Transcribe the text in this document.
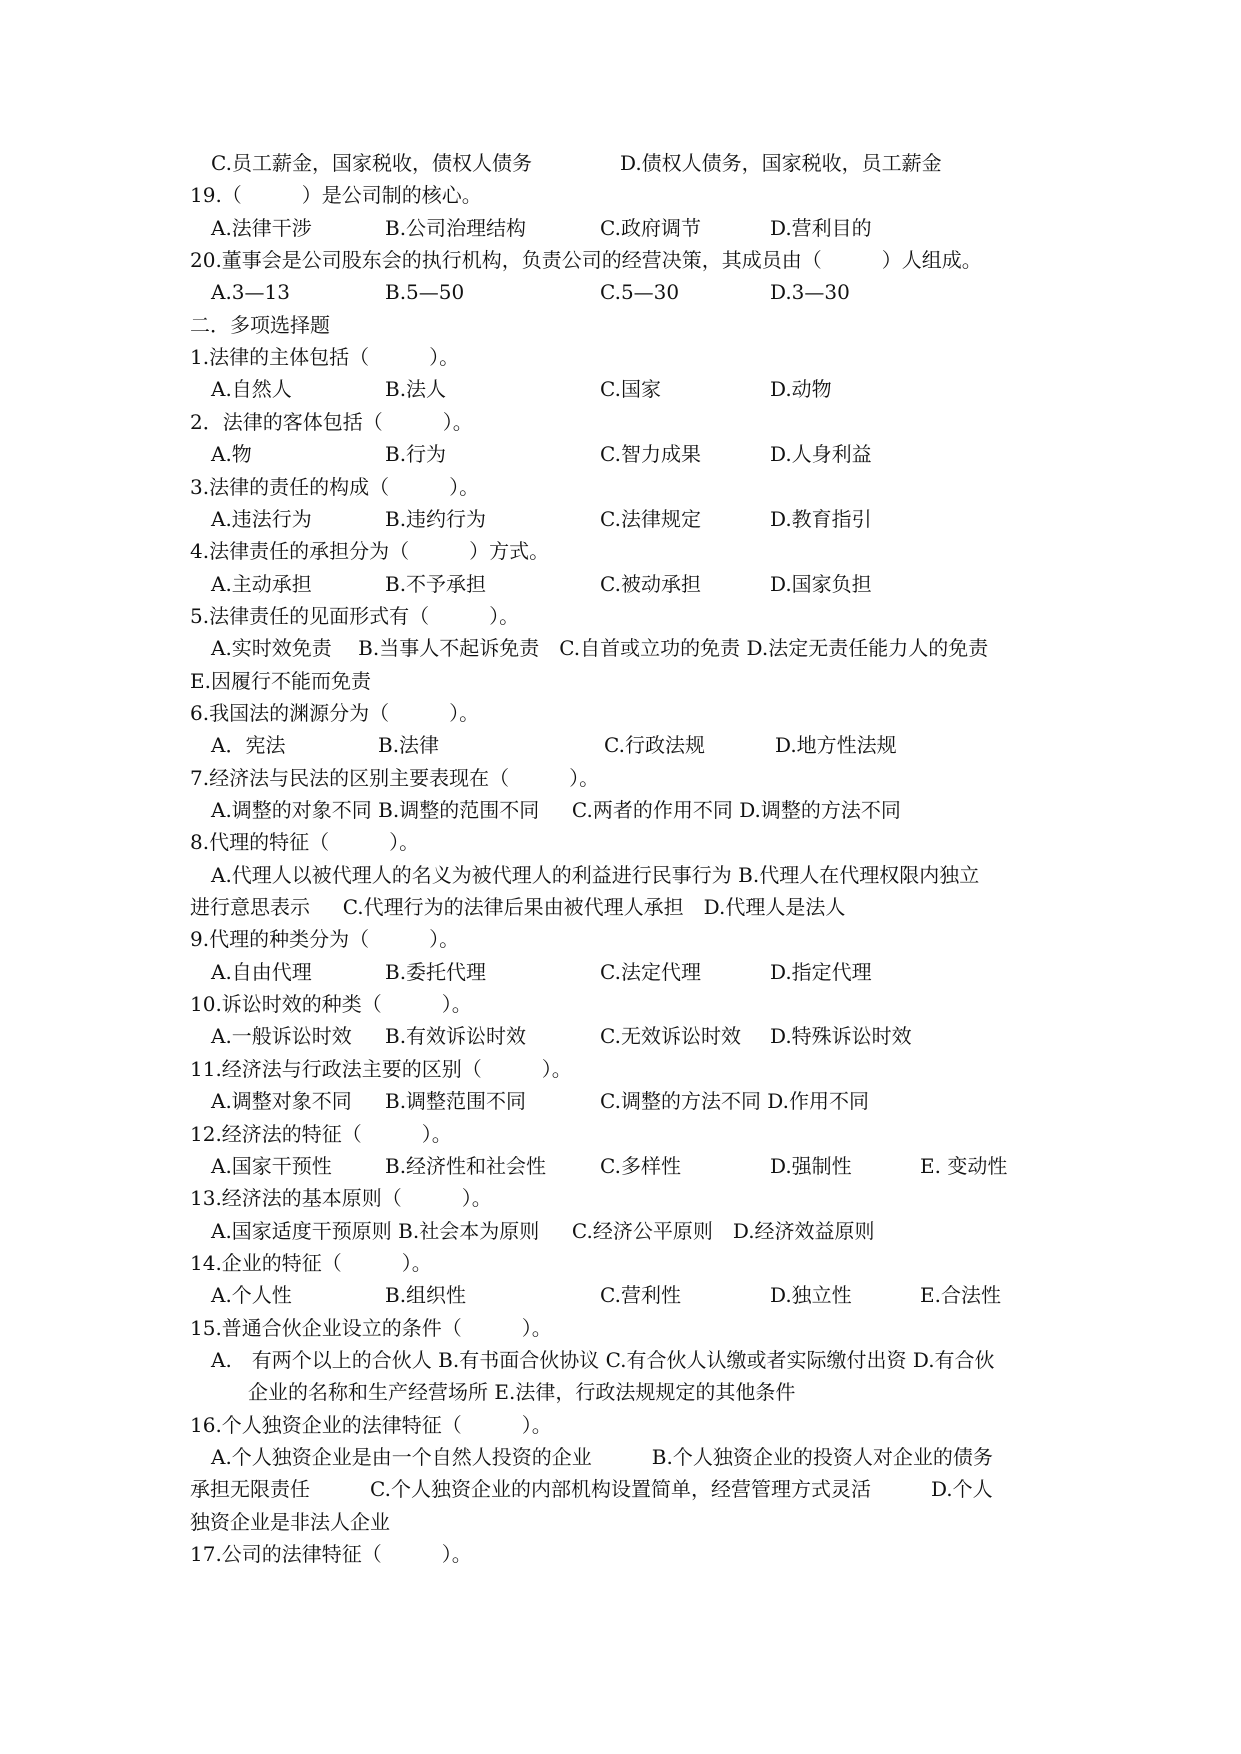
C.员工薪金，国家税收，债权人债务	D.债权人债务，国家税收，员工薪金
19.（　　　）是公司制的核心。
A.法律干涉	B.公司治理结构	C.政府调节	D.营利目的
20.董事会是公司股东会的执行机构，负责公司的经营决策，其成员由（　　　）人组成。
A.3—13	B.5—50	C.5—30	D.3—30
二．多项选择题
1.法律的主体包括（　　　）。
A.自然人	B.法人	C.国家	D.动物
2．法律的客体包括（　　　）。
A.物	B.行为	C.智力成果	D.人身利益
3.法律的责任的构成（　　　）。
A.违法行为	B.违约行为	C.法律规定	D.教育指引
4.法律责任的承担分为（　　　）方式。
A.主动承担	B.不予承担	C.被动承担	D.国家负担
5.法律责任的见面形式有（　　　）。
A.实时效免责　 B.当事人不起诉免责　C.自首或立功的免责 D.法定无责任能力人的免责
E.因履行不能而免责
6.我国法的渊源分为（　　　）。
A．宪法	B.法律	C.行政法规	D.地方性法规
7.经济法与民法的区别主要表现在（　　　）。
A.调整的对象不同 B.调整的范围不同　  C.两者的作用不同 D.调整的方法不同
8.代理的特征（　　　）。
A.代理人以被代理人的名义为被代理人的利益进行民事行为 B.代理人在代理权限内独立
进行意思表示　  C.代理行为的法律后果由被代理人承担　D.代理人是法人
9.代理的种类分为（　　　）。
A.自由代理	B.委托代理	C.法定代理	D.指定代理
10.诉讼时效的种类（　　　）。
A.一般诉讼时效 B.有效诉讼时效	C.无效诉讼时效 D.特殊诉讼时效
11.经济法与行政法主要的区别（　　　）。
A.调整对象不同 B.调整范围不同	C.调整的方法不同 D.作用不同
12.经济法的特征（　　　）。
A.国家干预性	B.经济性和社会性	C.多样性	D.强制性	E. 变动性
13.经济法的基本原则（　　　）。
A.国家适度干预原则 B.社会本为原则　  C.经济公平原则　D.经济效益原则
14.企业的特征（　　　）。
A.个人性	B.组织性	C.营利性	D.独立性	E.合法性
15.普通合伙企业设立的条件（　　　）。
A.　有两个以上的合伙人 B.有书面合伙协议 C.有合伙人认缴或者实际缴付出资 D.有合伙
企业的名称和生产经营场所 E.法律，行政法规规定的其他条件
16.个人独资企业的法律特征（　　　）。
A.个人独资企业是由一个自然人投资的企业　　　B.个人独资企业的投资人对企业的债务
承担无限责任　　　C.个人独资企业的内部机构设置简单，经营管理方式灵活　　　D.个人
独资企业是非法人企业
17.公司的法律特征（　　　）。
